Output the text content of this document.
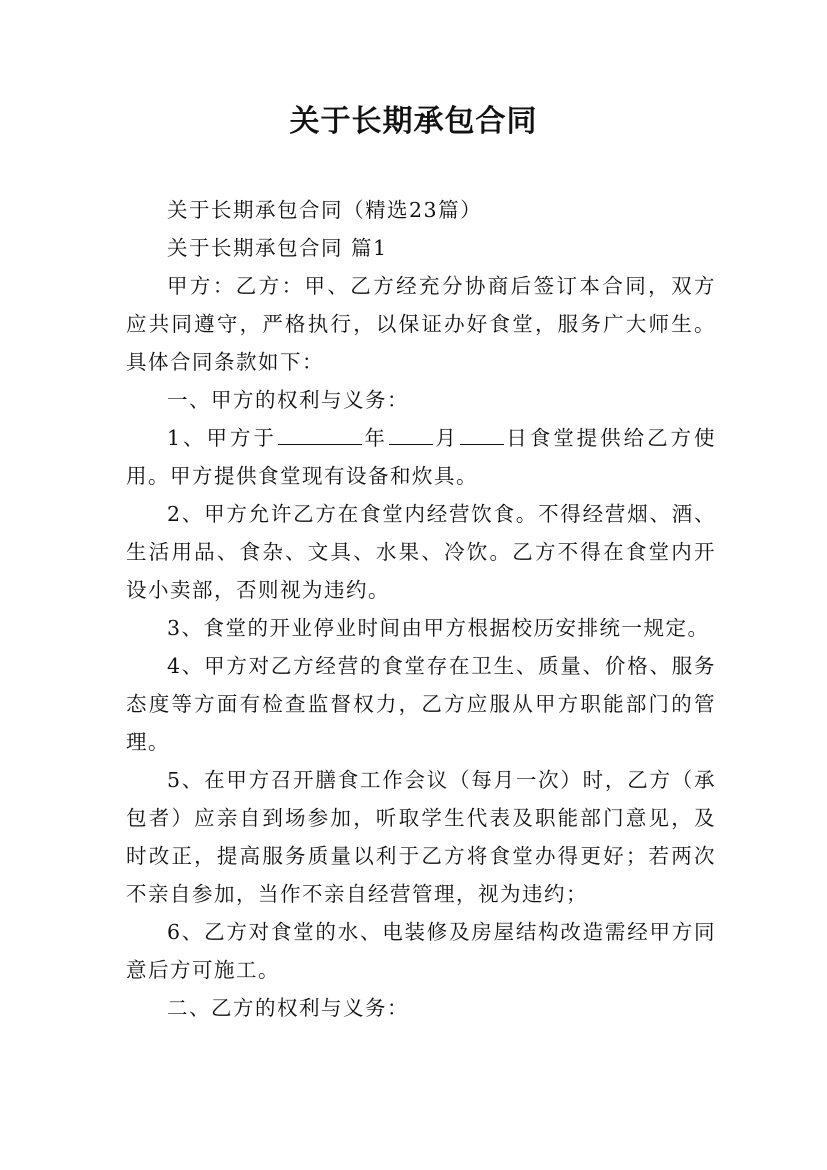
关于长期承包合同

关于长期承包合同（精选23篇）

关于长期承包合同 篇1

甲方：乙方：甲、乙方经充分协商后签订本合同，双方应共同遵守，严格执行，以保证办好食堂，服务广大师生。具体合同条款如下：

一、甲方的权利与义务：

1、甲方于	年 月 日食堂提供给乙方使用。甲方提供食堂现有设备和炊具。

2、甲方允许乙方在食堂内经营饮食。不得经营烟、酒、生活用品、食杂、文具、水果、冷饮。乙方不得在食堂内开设小卖部，否则视为违约。

3、食堂的开业停业时间由甲方根据校历安排统一规定。

4、甲方对乙方经营的食堂存在卫生、质量、价格、服务态度等方面有检查监督权力，乙方应服从甲方职能部门的管理。

5、在甲方召开膳食工作会议（每月一次）时，乙方（承包者）应亲自到场参加，听取学生代表及职能部门意见，及时改正，提高服务质量以利于乙方将食堂办得更好；若两次不亲自参加，当作不亲自经营管理，视为违约；

6、乙方对食堂的水、电装修及房屋结构改造需经甲方同意后方可施工。

二、乙方的权利与义务：
